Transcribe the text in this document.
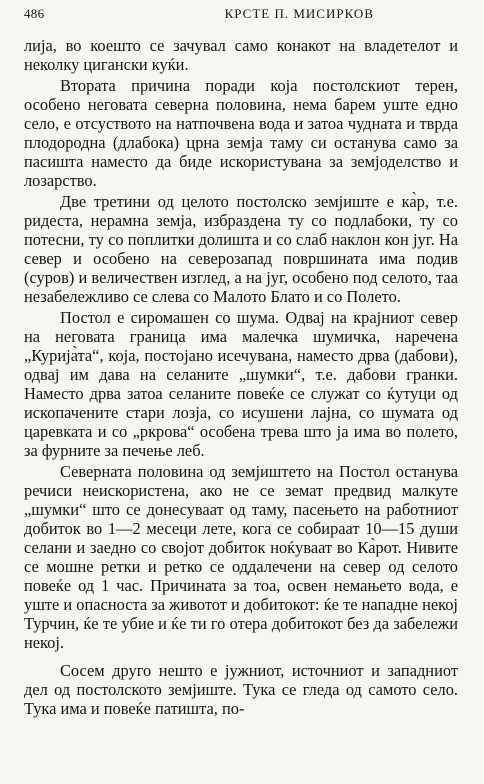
486	КРСТЕ П. МИСИРКОВ

лија, во коешто се зачувал само конакот на владетелот и неколку цигански куќи.

Втората причина поради која постолскиот терен, особено неговата северна половина, нема барем уште едно село, е отсуството на натпочвена вода и затоа чудната и тврда плодородна (длабока) црна земја таму си останува само за пасишта наместо да биде искористувана за земјоделство и лозарство.

Две третини од целото постолско земјиште е ка̀р, т.е. ридеста, нерамна земја, избраздена ту со подлабоки, ту со потесни, ту со поплитки долишта и со слаб наклон кон југ. На север и особено на северозапад површината има подив (суров) и величествен изглед, а на југ, особено под селото, таа незабележливо се слева со Малото Блато и со Полето.

Постол е сиромашен со шума. Одвај на крајниот север на неговата граница има малечка шумичка, наречена „Курија̀та“, која, постојано исечувана, наместо дрва (дабови), одвај им дава на селаните „шумки“, т.е. дабови гранки. Наместо дрва затоа селаните повеќе се служат со ќутуци од ископачените стари лозја, со исушени лајна, со шумата од царевката и со „ркрова“ особена трева што ја има во полето, за фурните за печење леб.

Северната половина од земјиштето на Постол останува речиси неискористена, ако не се земат предвид малкуте „шумки“ што се донесуваат од таму, пасењето на работниот добиток во 1—2 месеци лете, кога се собираат 10—15 души селани и заедно со својот добиток ноќуваат во Ка̀рот. Нивите се мошне ретки и ретко се оддалечени на север од селото повеќе од 1 час. Причината за тоа, освен немањето вода, е уште и опасноста за животот и добитокот: ќе те нападне некој Турчин, ќе те убие и ќе ти го отера добитокот без да забележи некој.

Сосем друго нешто е јужниот, источниот и западниот дел од постолското земјиште. Тука се гледа од самото село. Тука има и повеќе патишта, по-
